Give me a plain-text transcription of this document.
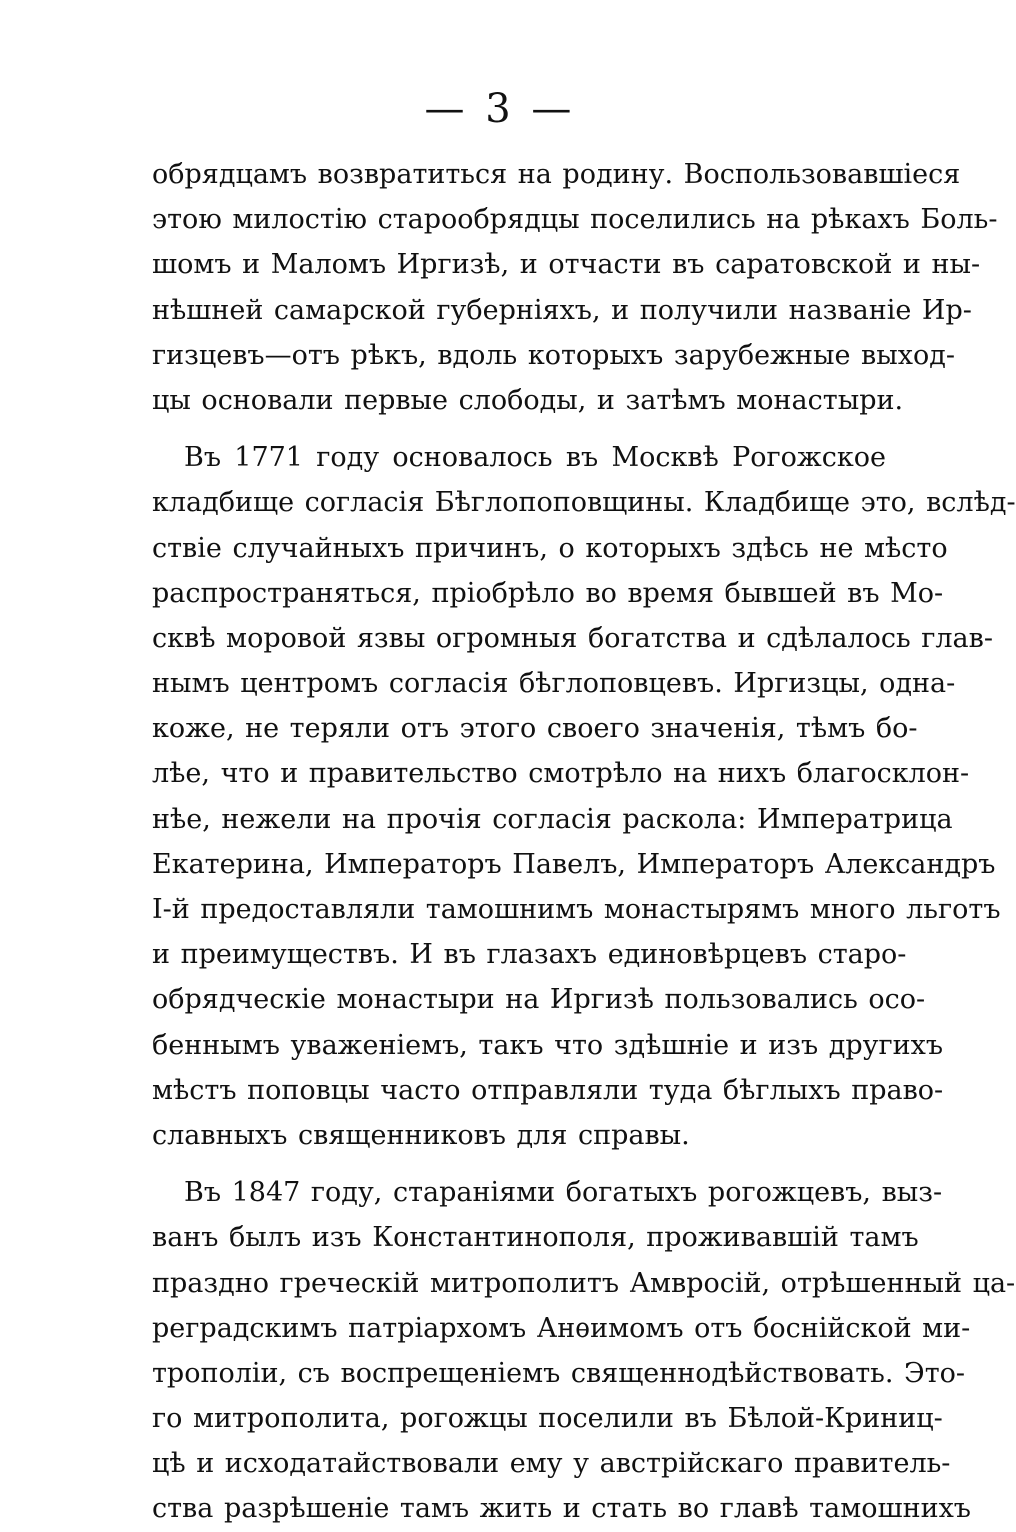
— 3 —
обрядцамъ возвратиться на родину. Воспользовавшіеся
этою милостію старообрядцы поселились на рѣкахъ Боль-
шомъ и Маломъ Иргизѣ, и отчасти въ саратовской и ны-
нѣшней самарской губерніяхъ, и получили названіе Ир-
гизцевъ—отъ рѣкъ, вдоль которыхъ зарубежные выход-
цы основали первые слободы, и затѣмъ монастыри.
Въ 1771 году основалось въ Москвѣ Рогожское
кладбище согласія Бѣглопоповщины. Кладбище это, вслѣд-
ствіе случайныхъ причинъ, о которыхъ здѣсь не мѣсто
распространяться, пріобрѣло во время бывшей въ Мо-
сквѣ моровой язвы огромныя богатства и сдѣлалось глав-
нымъ центромъ согласія бѣглоповцевъ. Иргизцы, одна-
коже, не теряли отъ этого своего значенія, тѣмъ бо-
лѣе, что и правительство смотрѣло на нихъ благосклон-
нѣе, нежели на прочія согласія раскола: Императрица
Екатерина, Императоръ Павелъ, Императоръ Александръ
І-й предоставляли тамошнимъ монастырямъ много льготъ
и преимуществъ. И въ глазахъ единовѣрцевъ старо-
обрядческіе монастыри на Иргизѣ пользовались осо-
беннымъ уваженіемъ, такъ что здѣшніе и изъ другихъ
мѣстъ поповцы часто отправляли туда бѣглыхъ право-
славныхъ священниковъ для справы.
Въ 1847 году, стараніями богатыхъ рогожцевъ, выз-
ванъ былъ изъ Константинополя, проживавшій тамъ
праздно греческій митрополитъ Амвросій, отрѣшенный ца-
реградскимъ патріархомъ Анѳимомъ отъ боснійской ми-
трополіи, съ воспрещеніемъ священнодѣйствовать. Это-
го митрополита, рогожцы поселили въ Бѣлой-Криниц-
цѣ и исходатайствовали ему у австрійскаго правитель-
ства разрѣшеніе тамъ жить и стать во главѣ тамошнихъ
